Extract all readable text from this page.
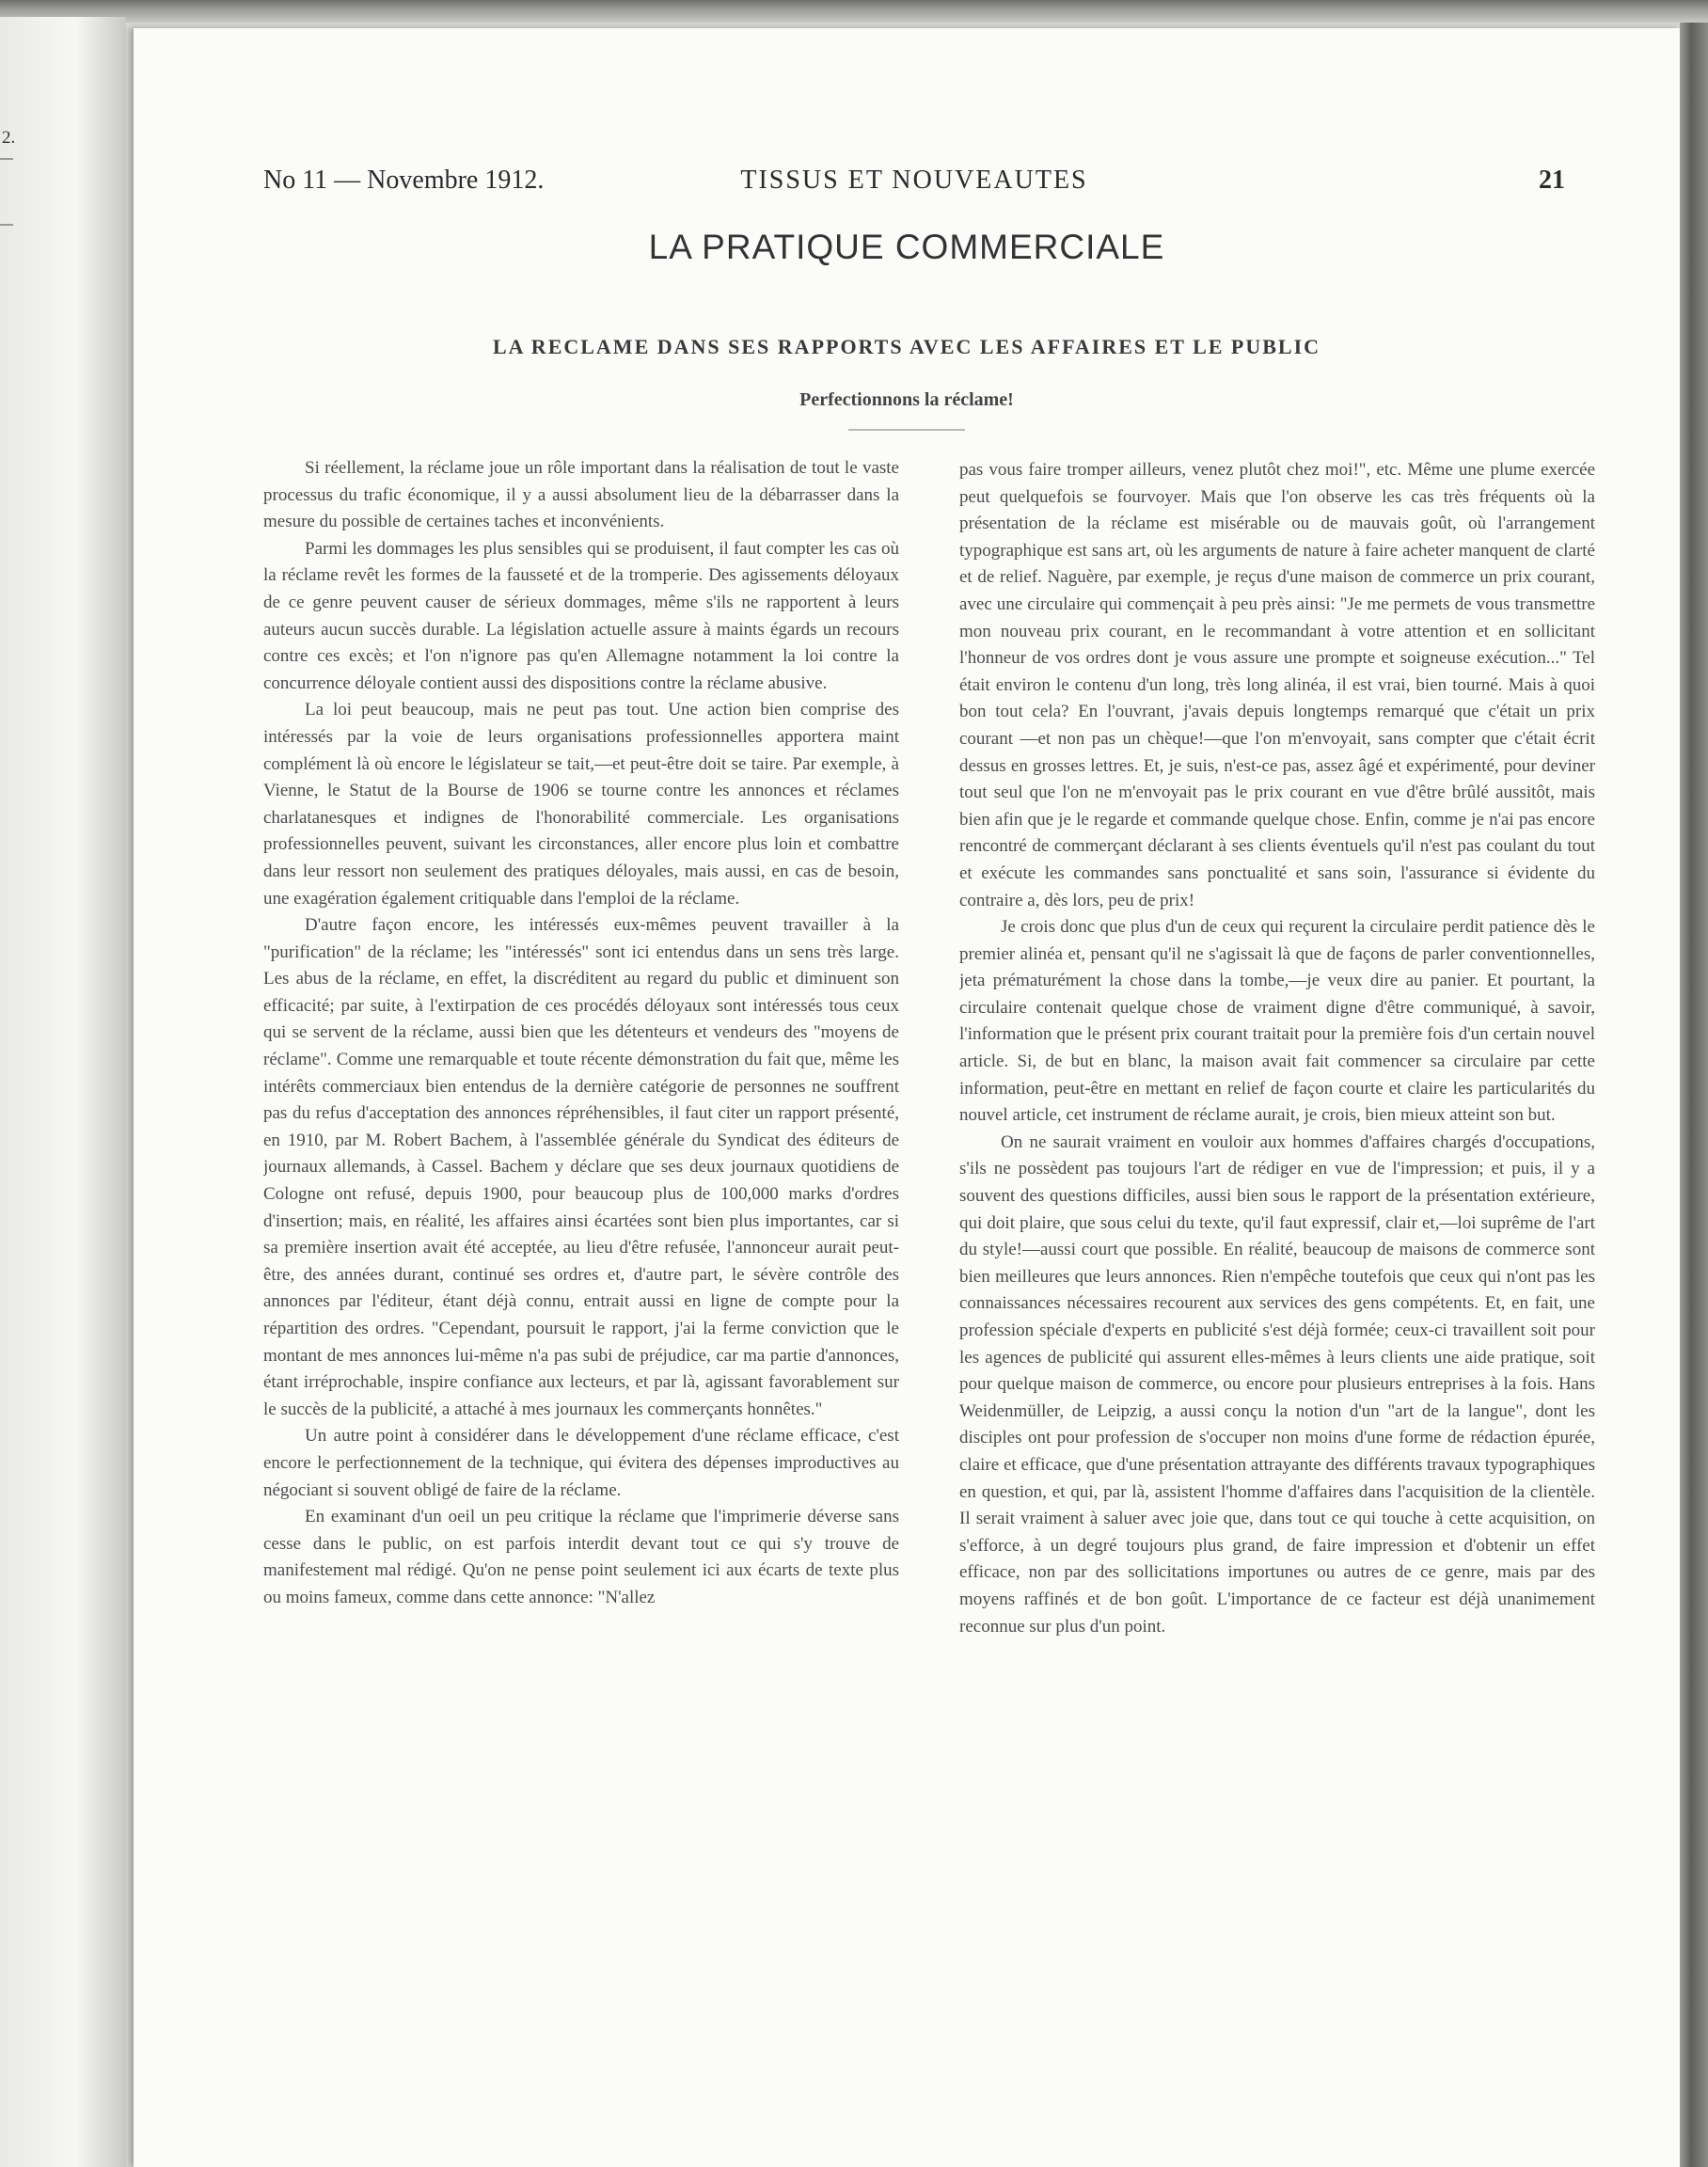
2.
No 11 — Novembre 1912.	TISSUS ET NOUVEAUTES	21
LA PRATIQUE COMMERCIALE
LA RECLAME DANS SES RAPPORTS AVEC LES AFFAIRES ET LE PUBLIC
Perfectionnons la réclame!

Si réellement, la réclame joue un rôle important dans la réalisation de tout le vaste processus du trafic économique, il y a aussi absolument lieu de la débarrasser dans la mesure du possible de certaines taches et inconvénients.

Parmi les dommages les plus sensibles qui se produisent, il faut compter les cas où la réclame revêt les formes de la fausseté et de la tromperie. Des agissements déloyaux de ce genre peuvent causer de sérieux dommages, même s'ils ne rapportent à leurs auteurs aucun succès durable. La législation actuelle assure à maints égards un recours contre ces excès; et l'on n'ignore pas qu'en Allemagne notamment la loi contre la concurrence déloyale contient aussi des dispositions contre la réclame abusive.

La loi peut beaucoup, mais ne peut pas tout. Une action bien comprise des intéressés par la voie de leurs organisations professionnelles apportera maint complément là où encore le législateur se tait,—et peut-être doit se taire. Par exemple, à Vienne, le Statut de la Bourse de 1906 se tourne contre les annonces et réclames charlatanesques et indignes de l'honorabilité commerciale. Les organisations professionnelles peuvent, suivant les circonstances, aller encore plus loin et combattre dans leur ressort non seulement des pratiques déloyales, mais aussi, en cas de besoin, une exagération également critiquable dans l'emploi de la réclame.

D'autre façon encore, les intéressés eux-mêmes peuvent travailler à la "purification" de la réclame; les "intéressés" sont ici entendus dans un sens très large. Les abus de la réclame, en effet, la discréditent au regard du public et diminuent son efficacité; par suite, à l'extirpation de ces procédés déloyaux sont intéressés tous ceux qui se servent de la réclame, aussi bien que les détenteurs et vendeurs des "moyens de réclame". Comme une remarquable et toute récente démonstration du fait que, même les intérêts commerciaux bien entendus de la dernière catégorie de personnes ne souffrent pas du refus d'acceptation des annonces répréhensibles, il faut citer un rapport présenté, en 1910, par M. Robert Bachem, à l'assemblée générale du Syndicat des éditeurs de journaux allemands, à Cassel. Bachem y déclare que ses deux journaux quotidiens de Cologne ont refusé, depuis 1900, pour beaucoup plus de 100,000 marks d'ordres d'insertion; mais, en réalité, les affaires ainsi écartées sont bien plus importantes, car si sa première insertion avait été acceptée, au lieu d'être refusée, l'annonceur aurait peut-être, des années durant, continué ses ordres et, d'autre part, le sévère contrôle des annonces par l'éditeur, étant déjà connu, entrait aussi en ligne de compte pour la répartition des ordres. "Cependant, poursuit le rapport, j'ai la ferme conviction que le montant de mes annonces lui-même n'a pas subi de préjudice, car ma partie d'annonces, étant irréprochable, inspire confiance aux lecteurs, et par là, agissant favorablement sur le succès de la publicité, a attaché à mes journaux les commerçants honnêtes."

Un autre point à considérer dans le développement d'une réclame efficace, c'est encore le perfectionnement de la technique, qui évitera des dépenses improductives au négociant si souvent obligé de faire de la réclame.

En examinant d'un oeil un peu critique la réclame que l'imprimerie déverse sans cesse dans le public, on est parfois interdit devant tout ce qui s'y trouve de manifestement mal rédigé. Qu'on ne pense point seulement ici aux écarts de texte plus ou moins fameux, comme dans cette annonce: "N'allez

pas vous faire tromper ailleurs, venez plutôt chez moi!", etc. Même une plume exercée peut quelquefois se fourvoyer. Mais que l'on observe les cas très fréquents où la présentation de la réclame est misérable ou de mauvais goût, où l'arrangement typographique est sans art, où les arguments de nature à faire acheter manquent de clarté et de relief. Naguère, par exemple, je reçus d'une maison de commerce un prix courant, avec une circulaire qui commençait à peu près ainsi: "Je me permets de vous transmettre mon nouveau prix courant, en le recommandant à votre attention et en sollicitant l'honneur de vos ordres dont je vous assure une prompte et soigneuse exécution..." Tel était environ le contenu d'un long, très long alinéa, il est vrai, bien tourné. Mais à quoi bon tout cela? En l'ouvrant, j'avais depuis longtemps remarqué que c'était un prix courant —et non pas un chèque!—que l'on m'envoyait, sans compter que c'était écrit dessus en grosses lettres. Et, je suis, n'est-ce pas, assez âgé et expérimenté, pour deviner tout seul que l'on ne m'envoyait pas le prix courant en vue d'être brûlé aussitôt, mais bien afin que je le regarde et commande quelque chose. Enfin, comme je n'ai pas encore rencontré de commerçant déclarant à ses clients éventuels qu'il n'est pas coulant du tout et exécute les commandes sans ponctualité et sans soin, l'assurance si évidente du contraire a, dès lors, peu de prix!

Je crois donc que plus d'un de ceux qui reçurent la circulaire perdit patience dès le premier alinéa et, pensant qu'il ne s'agissait là que de façons de parler conventionnelles, jeta prématurément la chose dans la tombe,—je veux dire au panier. Et pourtant, la circulaire contenait quelque chose de vraiment digne d'être communiqué, à savoir, l'information que le présent prix courant traitait pour la première fois d'un certain nouvel article. Si, de but en blanc, la maison avait fait commencer sa circulaire par cette information, peut-être en mettant en relief de façon courte et claire les particularités du nouvel article, cet instrument de réclame aurait, je crois, bien mieux atteint son but.

On ne saurait vraiment en vouloir aux hommes d'affaires chargés d'occupations, s'ils ne possèdent pas toujours l'art de rédiger en vue de l'impression; et puis, il y a souvent des questions difficiles, aussi bien sous le rapport de la présentation extérieure, qui doit plaire, que sous celui du texte, qu'il faut expressif, clair et,—loi suprême de l'art du style!—aussi court que possible. En réalité, beaucoup de maisons de commerce sont bien meilleures que leurs annonces. Rien n'empêche toutefois que ceux qui n'ont pas les connaissances nécessaires recourent aux services des gens compétents. Et, en fait, une profession spéciale d'experts en publicité s'est déjà formée; ceux-ci travaillent soit pour les agences de publicité qui assurent elles-mêmes à leurs clients une aide pratique, soit pour quelque maison de commerce, ou encore pour plusieurs entreprises à la fois. Hans Weidenmüller, de Leipzig, a aussi conçu la notion d'un "art de la langue", dont les disciples ont pour profession de s'occuper non moins d'une forme de rédaction épurée, claire et efficace, que d'une présentation attrayante des différents travaux typographiques en question, et qui, par là, assistent l'homme d'affaires dans l'acquisition de la clientèle. Il serait vraiment à saluer avec joie que, dans tout ce qui touche à cette acquisition, on s'efforce, à un degré toujours plus grand, de faire impression et d'obtenir un effet efficace, non par des sollicitations importunes ou autres de ce genre, mais par des moyens raffinés et de bon goût. L'importance de ce facteur est déjà unanimement reconnue sur plus d'un point.
